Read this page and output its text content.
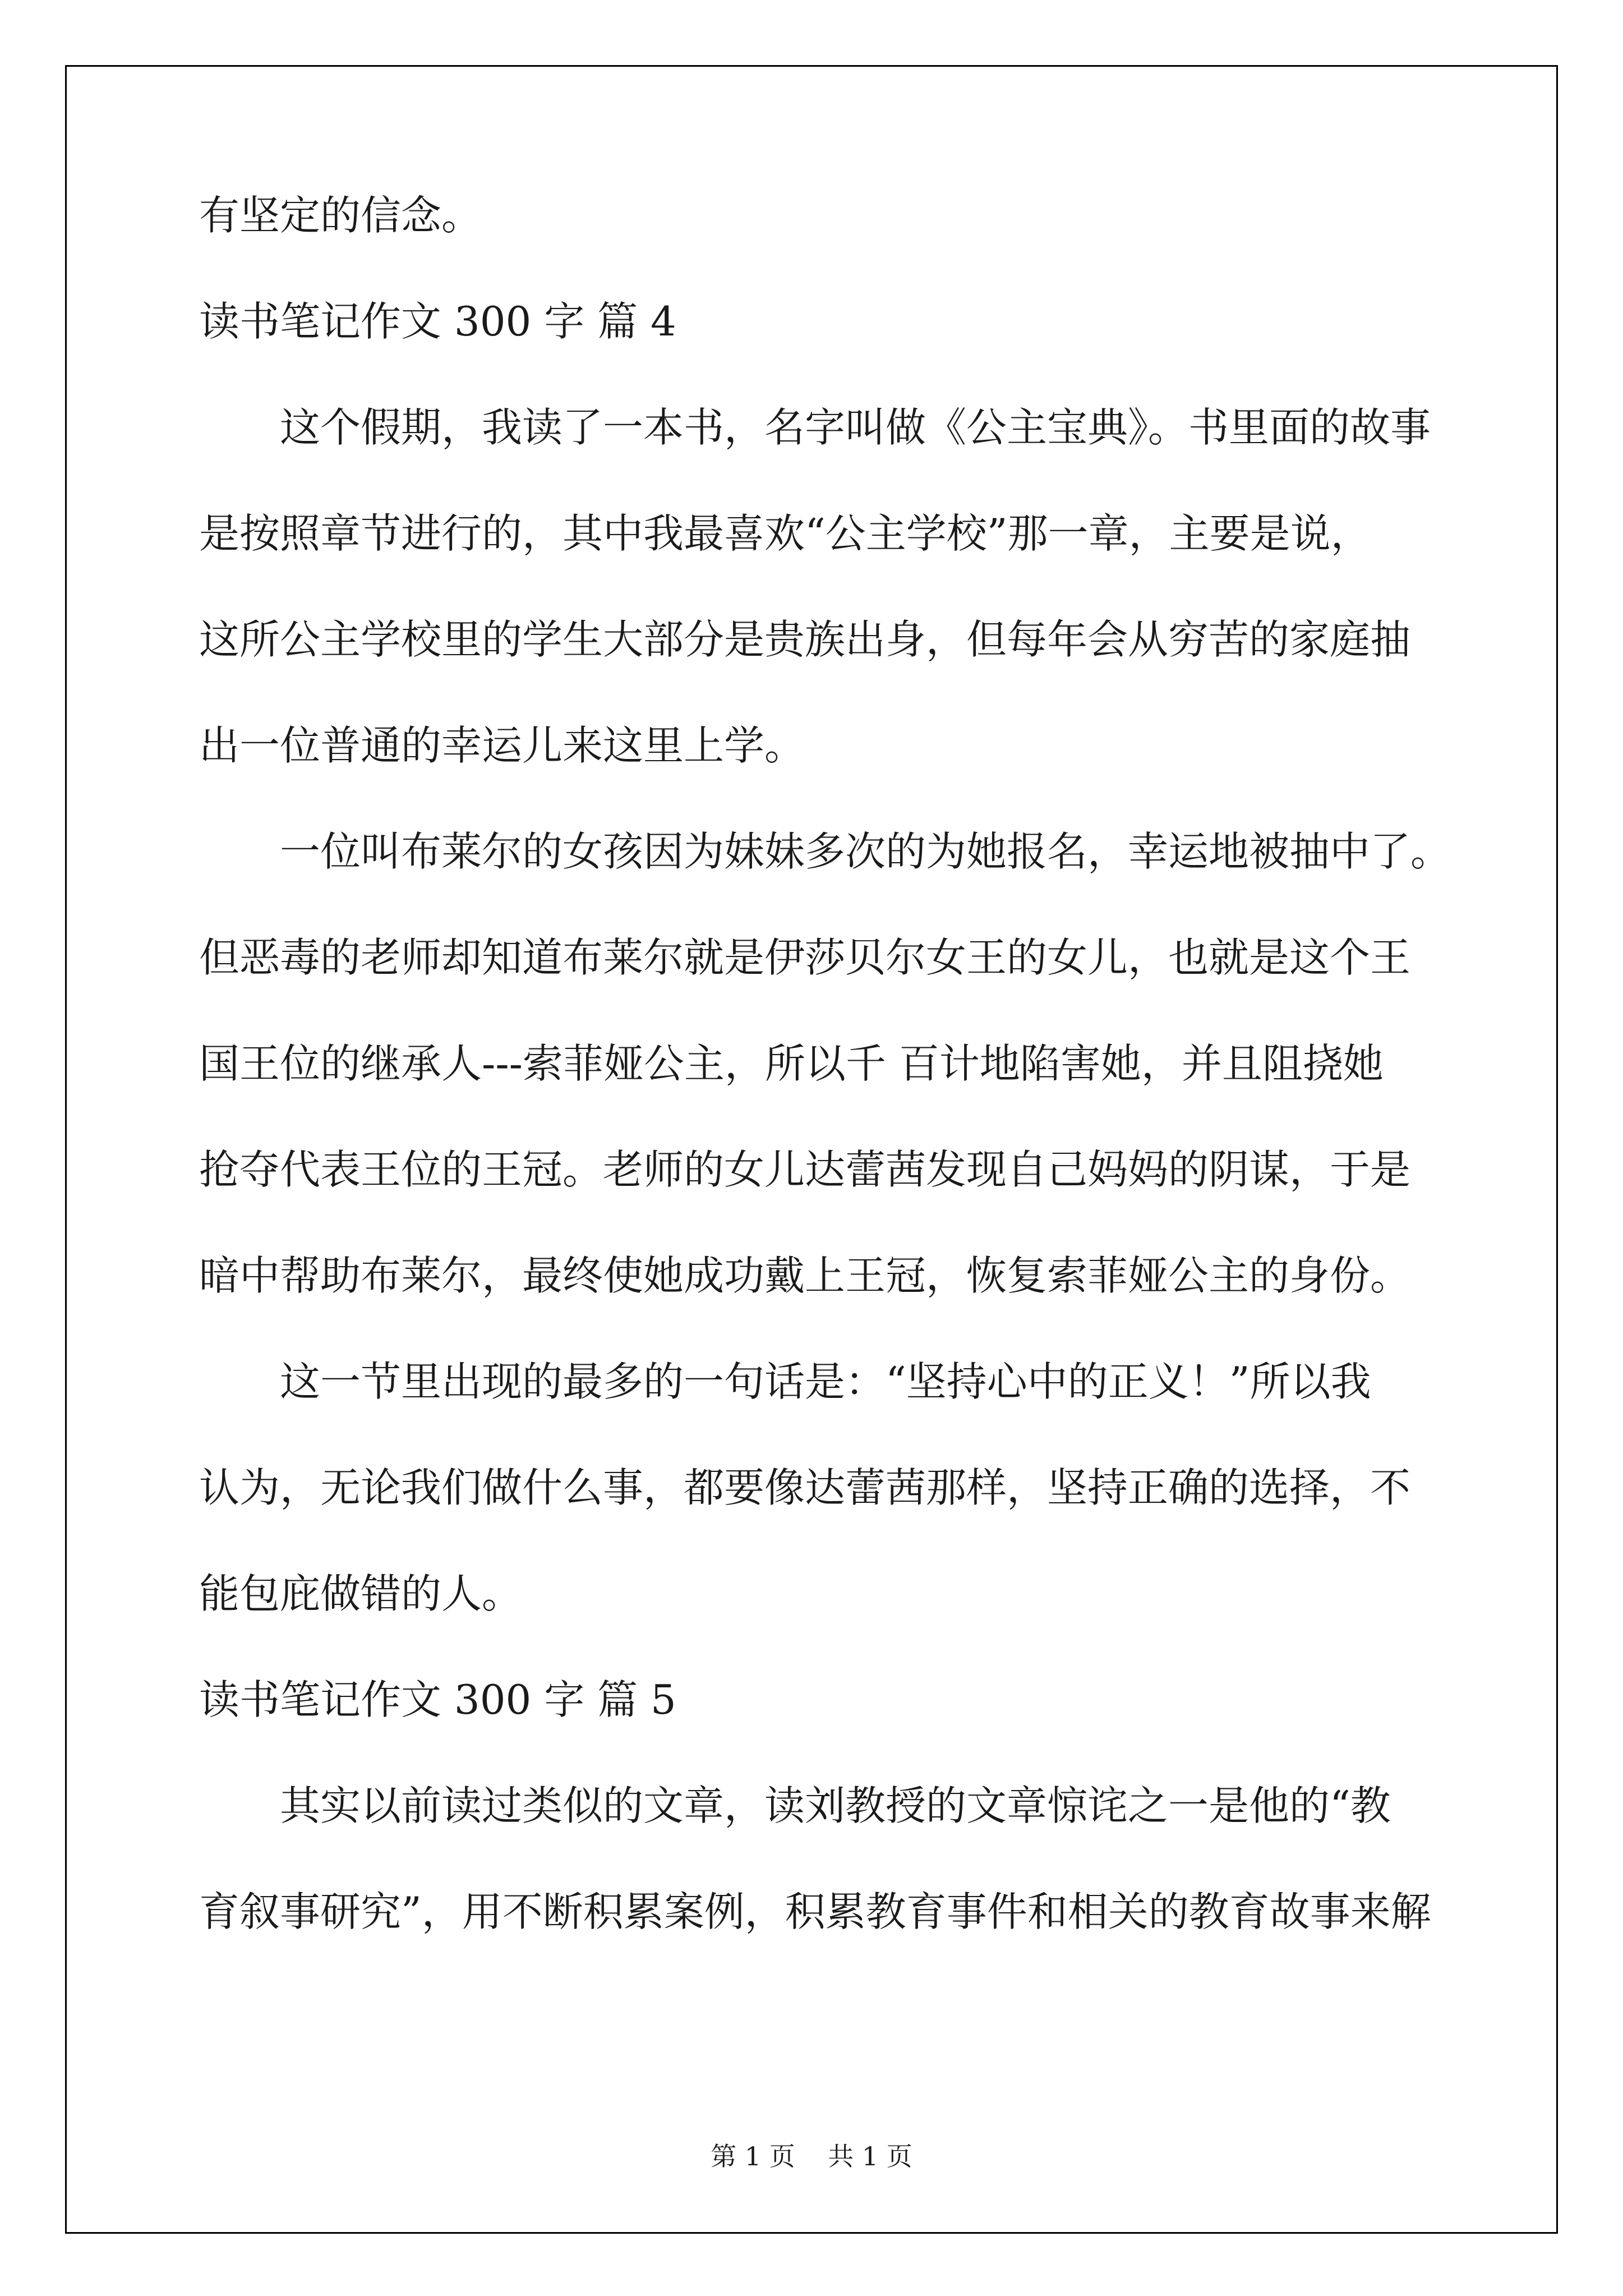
有坚定的信念。
读书笔记作文 300 字 篇 4
这个假期，我读了一本书，名字叫做《公主宝典》。书里面的故事
是按照章节进行的，其中我最喜欢“公主学校”那一章，主要是说，
这所公主学校里的学生大部分是贵族出身，但每年会从穷苦的家庭抽
出一位普通的幸运儿来这里上学。
一位叫布莱尔的女孩因为妹妹多次的为她报名，幸运地被抽中了。
但恶毒的老师却知道布莱尔就是伊莎贝尔女王的女儿，也就是这个王
国王位的继承人---索菲娅公主，所以千 百计地陷害她，并且阻挠她
抢夺代表王位的王冠。老师的女儿达蕾茜发现自己妈妈的阴谋，于是
暗中帮助布莱尔，最终使她成功戴上王冠，恢复索菲娅公主的身份。
这一节里出现的最多的一句话是：“坚持心中的正义！”所以我
认为，无论我们做什么事，都要像达蕾茜那样，坚持正确的选择，不
能包庇做错的人。
读书笔记作文 300 字 篇 5
其实以前读过类似的文章，读刘教授的文章惊诧之一是他的“教
育叙事研究”，用不断积累案例，积累教育事件和相关的教育故事来解
第 1 页    共 1 页
